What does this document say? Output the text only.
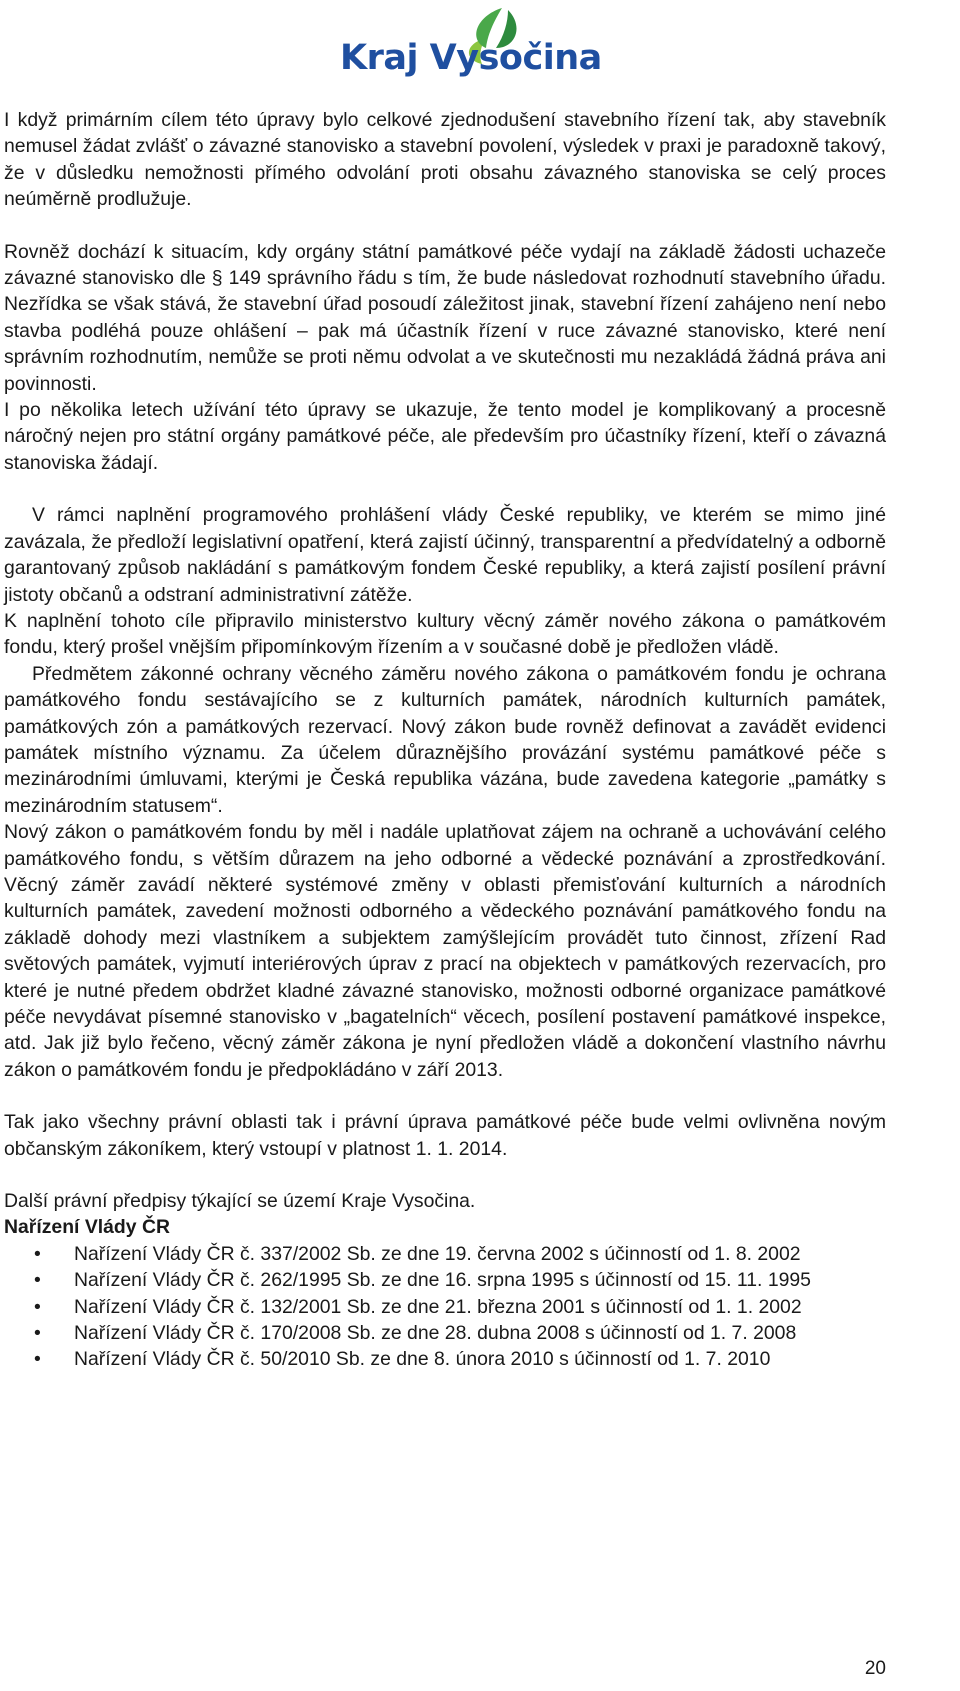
Kraj Vysočina

I když primárním cílem této úpravy bylo celkové zjednodušení stavebního řízení tak, aby stavebník nemusel žádat zvlášť o závazné stanovisko a stavební povolení, výsledek v praxi je paradoxně takový, že v důsledku nemožnosti přímého odvolání proti obsahu závazného stanoviska se celý proces neúměrně prodlužuje.

Rovněž dochází k situacím, kdy orgány státní památkové péče vydají na základě žádosti uchazeče závazné stanovisko dle § 149 správního řádu s tím, že bude následovat rozhodnutí stavebního úřadu. Nezřídka se však stává, že stavební úřad posoudí záležitost jinak, stavební řízení zahájeno není nebo stavba podléhá pouze ohlášení – pak má účastník řízení v ruce závazné stanovisko, které není správním rozhodnutím, nemůže se proti němu odvolat a ve skutečnosti mu nezakládá žádná práva ani povinnosti.

I po několika letech užívání této úpravy se ukazuje, že tento model je komplikovaný a procesně náročný nejen pro státní orgány památkové péče, ale především pro účastníky řízení, kteří o závazná stanoviska žádají.

V rámci naplnění programového prohlášení vlády České republiky, ve kterém se mimo jiné zavázala, že předloží legislativní opatření, která zajistí účinný, transparentní a předvídatelný a odborně garantovaný způsob nakládání s památkovým fondem České republiky, a která zajistí posílení právní jistoty občanů a odstraní administrativní zátěže.

K naplnění tohoto cíle připravilo ministerstvo kultury věcný záměr nového zákona o památkovém fondu, který prošel vnějším připomínkovým řízením a v současné době je předložen vládě.

Předmětem zákonné ochrany věcného záměru nového zákona o památkovém fondu je ochrana památkového fondu sestávajícího se z kulturních památek, národních kulturních památek, památkových zón a památkových rezervací. Nový zákon bude rovněž definovat a zavádět evidenci památek místního významu. Za účelem důraznějšího provázání systému památkové péče s mezinárodními úmluvami, kterými je Česká republika vázána, bude zavedena kategorie „památky s mezinárodním statusem“.

Nový zákon o památkovém fondu by měl i nadále uplatňovat zájem na ochraně a uchovávání celého památkového fondu, s větším důrazem na jeho odborné a vědecké poznávání a zprostředkování. Věcný záměr zavádí některé systémové změny v oblasti přemisťování kulturních a národních kulturních památek, zavedení možnosti odborného a vědeckého poznávání památkového fondu na základě dohody mezi vlastníkem a subjektem zamýšlejícím provádět tuto činnost, zřízení Rad světových památek, vyjmutí interiérových úprav z prací na objektech v památkových rezervacích, pro které je nutné předem obdržet kladné závazné stanovisko, možnosti odborné organizace památkové péče nevydávat písemné stanovisko v „bagatelních“ věcech, posílení postavení památkové inspekce, atd. Jak již bylo řečeno, věcný záměr zákona je nyní předložen vládě a dokončení vlastního návrhu zákon o památkovém fondu je předpokládáno v září 2013.

Tak jako všechny právní oblasti tak i právní úprava památkové péče bude velmi ovlivněna novým občanským zákoníkem, který vstoupí v platnost 1. 1. 2014.

Další právní předpisy týkající se území Kraje Vysočina.

Nařízení Vlády ČR

• Nařízení Vlády ČR č. 337/2002 Sb. ze dne 19. června 2002 s účinností od 1. 8. 2002
• Nařízení Vlády ČR č. 262/1995 Sb. ze dne 16. srpna 1995 s účinností od 15. 11. 1995
• Nařízení Vlády ČR č. 132/2001 Sb. ze dne 21. března 2001 s účinností od 1. 1. 2002
• Nařízení Vlády ČR č. 170/2008 Sb. ze dne 28. dubna 2008 s účinností od 1. 7. 2008
• Nařízení Vlády ČR č. 50/2010 Sb. ze dne 8. února 2010 s účinností od 1. 7. 2010
20
